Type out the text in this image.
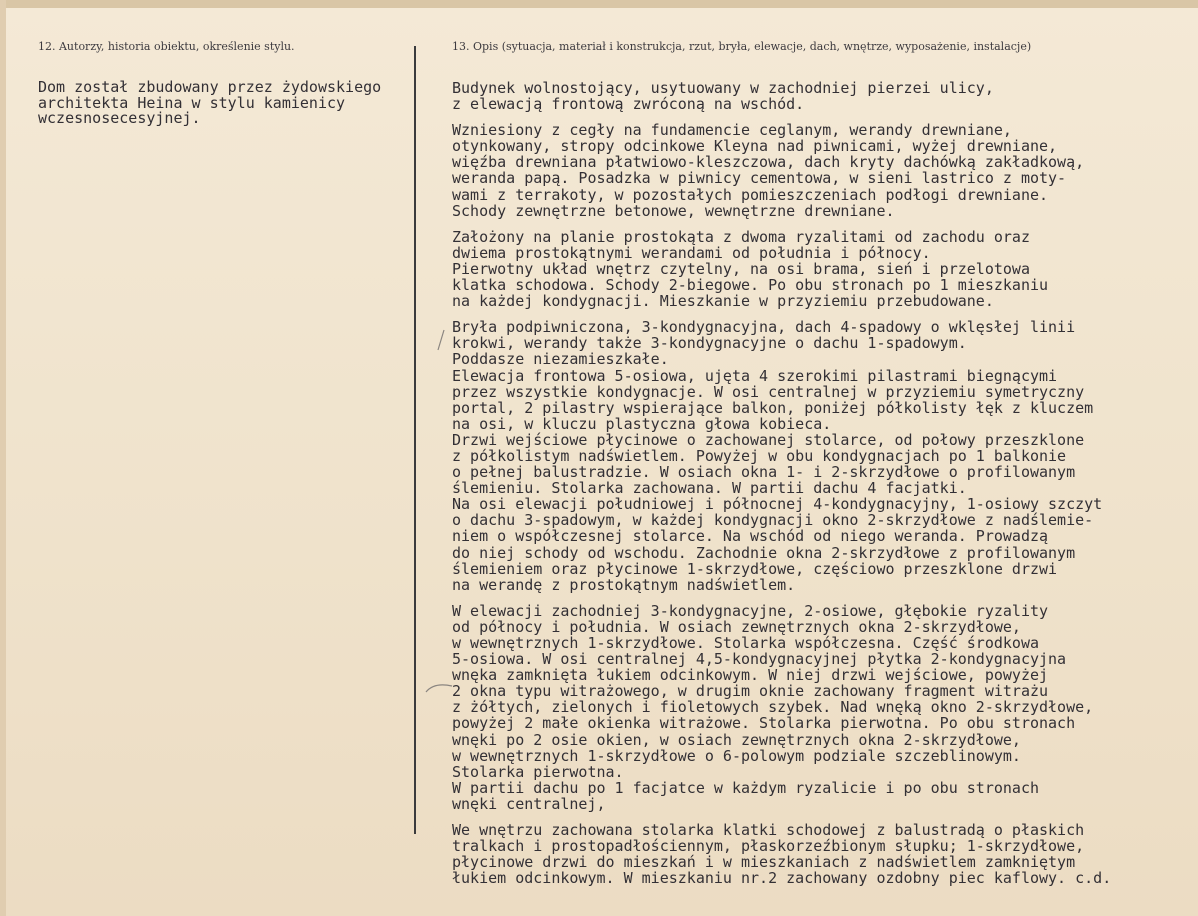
12. Autorzy, historia obiektu, określenie stylu.	13. Opis (sytuacja, materiał i konstrukcja, rzut, bryła, elewacje, dach, wnętrze, wyposażenie, instalacje)
Dom został zbudowany przez żydowskiego
architekta Heina w stylu kamienicy
wczesnosecesyjnej.

Budynek wolnostojący, usytuowany w zachodniej pierzei ulicy,
z elewacją frontową zwróconą na wschód.

Wzniesiony z cegły na fundamencie ceglanym, werandy drewniane,
otynkowany, stropy odcinkowe Kleyna nad piwnicami, wyżej drewniane,
więźba drewniana płatwiowo-kleszczowa, dach kryty dachówką zakładkową,
weranda papą. Posadzka w piwnicy cementowa, w sieni lastrico z moty-
wami z terrakoty, w pozostałych pomieszczeniach podłogi drewniane.
Schody zewnętrzne betonowe, wewnętrzne drewniane.

Założony na planie prostokąta z dwoma ryzalitami od zachodu oraz
dwiema prostokątnymi werandami od południa i północy.
Pierwotny układ wnętrz czytelny, na osi brama, sień i przelotowa
klatka schodowa. Schody 2-biegowe. Po obu stronach po 1 mieszkaniu
na każdej kondygnacji. Mieszkanie w przyziemiu przebudowane.

Bryła podpiwniczona, 3-kondygnacyjna, dach 4-spadowy o wklęsłej linii
krokwi, werandy także 3-kondygnacyjne o dachu 1-spadowym.
Poddasze niezamieszkałe.
Elewacja frontowa 5-osiowa, ujęta 4 szerokimi pilastrami biegnącymi
przez wszystkie kondygnacje. W osi centralnej w przyziemiu symetryczny
portal, 2 pilastry wspierające balkon, poniżej półkolisty łęk z kluczem
na osi, w kluczu plastyczna głowa kobieca.
Drzwi wejściowe płycinowe o zachowanej stolarce, od połowy przeszklone
z półkolistym nadświetlem. Powyżej w obu kondygnacjach po 1 balkonie
o pełnej balustradzie. W osiach okna 1- i 2-skrzydłowe o profilowanym
ślemieniu. Stolarka zachowana. W partii dachu 4 facjatki.
Na osi elewacji południowej i północnej 4-kondygnacyjny, 1-osiowy szczyt
o dachu 3-spadowym, w każdej kondygnacji okno 2-skrzydłowe z nadślemie-
niem o współczesnej stolarce. Na wschód od niego weranda. Prowadzą
do niej schody od wschodu. Zachodnie okna 2-skrzydłowe z profilowanym
ślemieniem oraz płycinowe 1-skrzydłowe, częściowo przeszklone drzwi
na werandę z prostokątnym nadświetlem.

W elewacji zachodniej 3-kondygnacyjne, 2-osiowe, głębokie ryzality
od północy i południa. W osiach zewnętrznych okna 2-skrzydłowe,
w wewnętrznych 1-skrzydłowe. Stolarka współczesna. Część środkowa
5-osiowa. W osi centralnej 4,5-kondygnacyjnej płytka 2-kondygnacyjna
wnęka zamknięta łukiem odcinkowym. W niej drzwi wejściowe, powyżej
2 okna typu witrażowego, w drugim oknie zachowany fragment witrażu
z żółtych, zielonych i fioletowych szybek. Nad wnęką okno 2-skrzydłowe,
powyżej 2 małe okienka witrażowe. Stolarka pierwotna. Po obu stronach
wnęki po 2 osie okien, w osiach zewnętrznych okna 2-skrzydłowe,
w wewnętrznych 1-skrzydłowe o 6-polowym podziale szczeblinowym.
Stolarka pierwotna.
W partii dachu po 1 facjatce w każdym ryzalicie i po obu stronach
wnęki centralnej,

We wnętrzu zachowana stolarka klatki schodowej z balustradą o płaskich
tralkach i prostopadłościennym, płaskorzeźbionym słupku; 1-skrzydłowe,
płycinowe drzwi do mieszkań i w mieszkaniach z nadświetlem zamkniętym
łukiem odcinkowym. W mieszkaniu nr.2 zachowany ozdobny piec kaflowy. c.d.
